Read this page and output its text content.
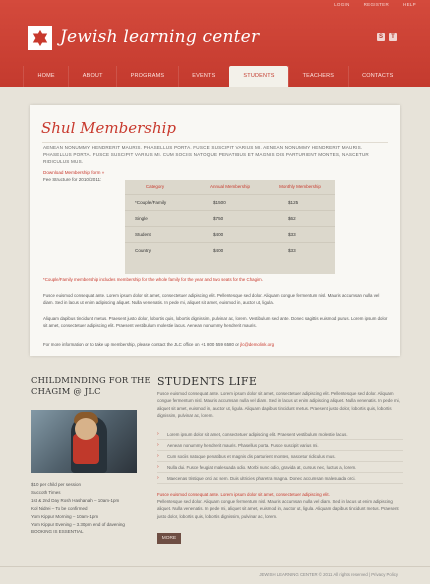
LOGIN	REGISTER	HELP
Jewish learning center	S	T
HOME	ABOUT	PROGRAMS	EVENTS	STUDENTS	TEACHERS	CONTACTS
Shul Membership
AENEAN NONUMMY HENDRERIT MAURIS. PHASELLUS PORTA. FUSCE SUSCIPIT VARIUS MI. AENEAN NONUMMY HENDRERIT MAURIS. PHASELLUS PORTA. FUSCE SUSCIPIT VARIUS MI. CUM SOCIIS NATOQUE PENATIBUS ET MAGNIS DIS PARTURIENT MONTES, NASCETUR RIDICULUS MUS.
Download Membership form »
Fee Structure for 2010/2011:
Category	Annual Membership	Monthly Membership
*Couple/Family	$1500	$125
Single	$750	$62
Student	$400	$33
Country	$400	$33
*Couple/Family membership includes membership for the whole family for the year and two seats for the Chagim.
Fusce euismod consequat ante. Lorem ipsum dolor sit amet, consectetuer adipiscing elit. Pellentesque sed dolor. Aliquam congue fermentum nisl. Mauris accumsan nulla vel diam. Sed in lacus ut enim adipiscing aliquet. Nulla venenatis. In pede mi, aliquet sit amet, euismod in, auctor ut, ligula.
Aliquam dapibus tincidunt metus. Praesent justo dolor, lobortis quis, lobortis dignissim, pulvinar ac, lorem. Vestibulum sed ante. Donec sagittis euismod purus. Lorem ipsum dolor sit amet, consectetuer adipiscing elit. Praesent vestibulum molestie lacus. Aenean nonummy hendrerit mauris.
For more information or to take up membership, please contact the JLC office on +1 800 559 6580 or jlc@demolink.org
CHILDMINDING FOR THE CHAGIM @ JLC
$10 per child per session
Succoth Times
1st & 2nd Day Rosh Hashanah – 10am-1pm
Kol Nidrei – To be confirmed
Yom Kippur Morning – 10am-1pm
Yom Kippur Evening – 3.30pm end of davening
BOOKING IS ESSENTIAL
STUDENTS LIFE
Fusce euismod consequat ante. Lorem ipsum dolor sit amet, consectetuer adipiscing elit. Pellentesque sed dolor. Aliquam congue fermentum nisl. Mauris accumsan nulla vel diam. Sed in lacus ut enim adipiscing aliquet. Nulla venenatis. In pede mi, aliquet sit amet, euismod in, auctor ut, ligula. Aliquam dapibus tincidunt metus. Praesent justo dolor, lobortis quis, lobortis dignissim, pulvinar ac, lorem.
›	Lorem ipsum dolor sit amet, consectetuer adipiscing elit. Praesent vestibulum molestie lacus.
›	Aenean nonummy hendrerit mauris. Phasellus porta. Fusce suscipit varius mi.
›	Cum sociis natoque penatibus et magnis dis parturient montes, nascetur ridiculus mus.
›	Nulla dui. Fusce feugiat malesuada odio. Morbi nunc odio, gravida at, cursus nec, luctus a, lorem.
›	Maecenas tristique orci ac sem. Duis ultricies pharetra magna. Donec accumsan malesuada orci.
Fusce euismod consequat ante. Lorem ipsum dolor sit amet, consectetuer adipiscing elit.
Pellentesque sed dolor. Aliquam congue fermentum nisl. Mauris accumsan nulla vel diam. Sed in lacus ut enim adipiscing aliquet. Nulla venenatis. In pede mi, aliquet sit amet, euismod in, auctor ut, ligula. Aliquam dapibus tincidunt metus. Praesent justo dolor, lobortis quis, lobortis dignissim, pulvinar ac, lorem.
MORE
JEWISH LEARNING CENTER © 2011 All rights reserved | Privacy Policy
